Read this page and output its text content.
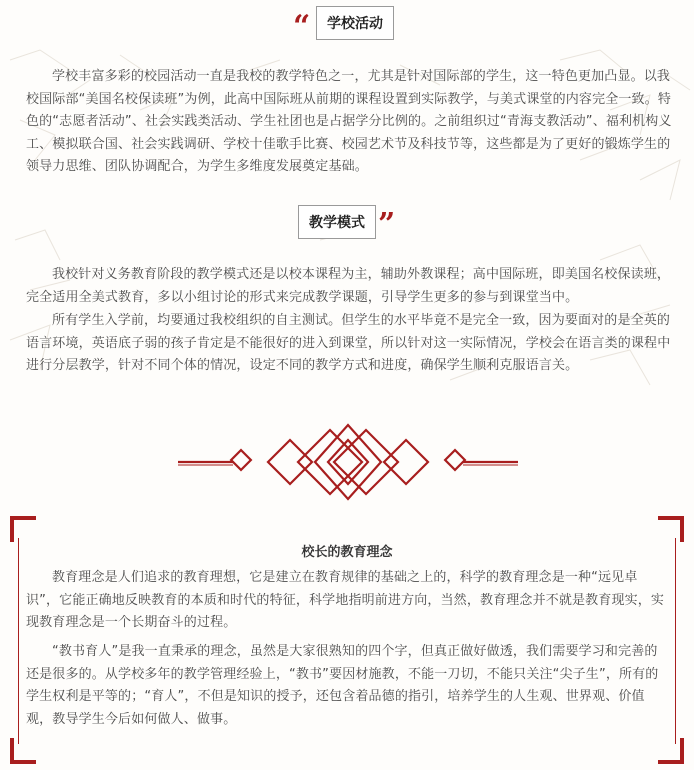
“ 学校活动

学校丰富多彩的校园活动一直是我校的教学特色之一，尤其是针对国际部的学生，这一特色更加凸显。以我校国际部“美国名校保读班”为例，此高中国际班从前期的课程设置到实际教学，与美式课堂的内容完全一致。特色的“志愿者活动”、社会实践类活动、学生社团也是占据学分比例的。之前组织过“青海支教活动”、福利机构义工、模拟联合国、社会实践调研、学校十佳歌手比赛、校园艺术节及科技节等，这些都是为了更好的锻炼学生的领导力思维、团队协调配合，为学生多维度发展奠定基础。

教学模式 ”

我校针对义务教育阶段的教学模式还是以校本课程为主，辅助外教课程；高中国际班，即美国名校保读班，完全适用全美式教育，多以小组讨论的形式来完成教学课题，引导学生更多的参与到课堂当中。

所有学生入学前，均要通过我校组织的自主测试。但学生的水平毕竟不是完全一致，因为要面对的是全英的语言环境，英语底子弱的孩子肯定是不能很好的进入到课堂，所以针对这一实际情况，学校会在语言类的课程中进行分层教学，针对不同个体的情况，设定不同的教学方式和进度，确保学生顺利克服语言关。

校长的教育理念

教育理念是人们追求的教育理想，它是建立在教育规律的基础之上的，科学的教育理念是一种“远见卓识”，它能正确地反映教育的本质和时代的特征，科学地指明前进方向，当然，教育理念并不就是教育现实，实现教育理念是一个长期奋斗的过程。

“教书育人”是我一直秉承的理念，虽然是大家很熟知的四个字，但真正做好做透，我们需要学习和完善的还是很多的。从学校多年的教学管理经验上，“教书”要因材施教，不能一刀切，不能只关注“尖子生”，所有的学生权利是平等的；“育人”，不但是知识的授予，还包含着品德的指引，培养学生的人生观、世界观、价值观，教导学生今后如何做人、做事。
